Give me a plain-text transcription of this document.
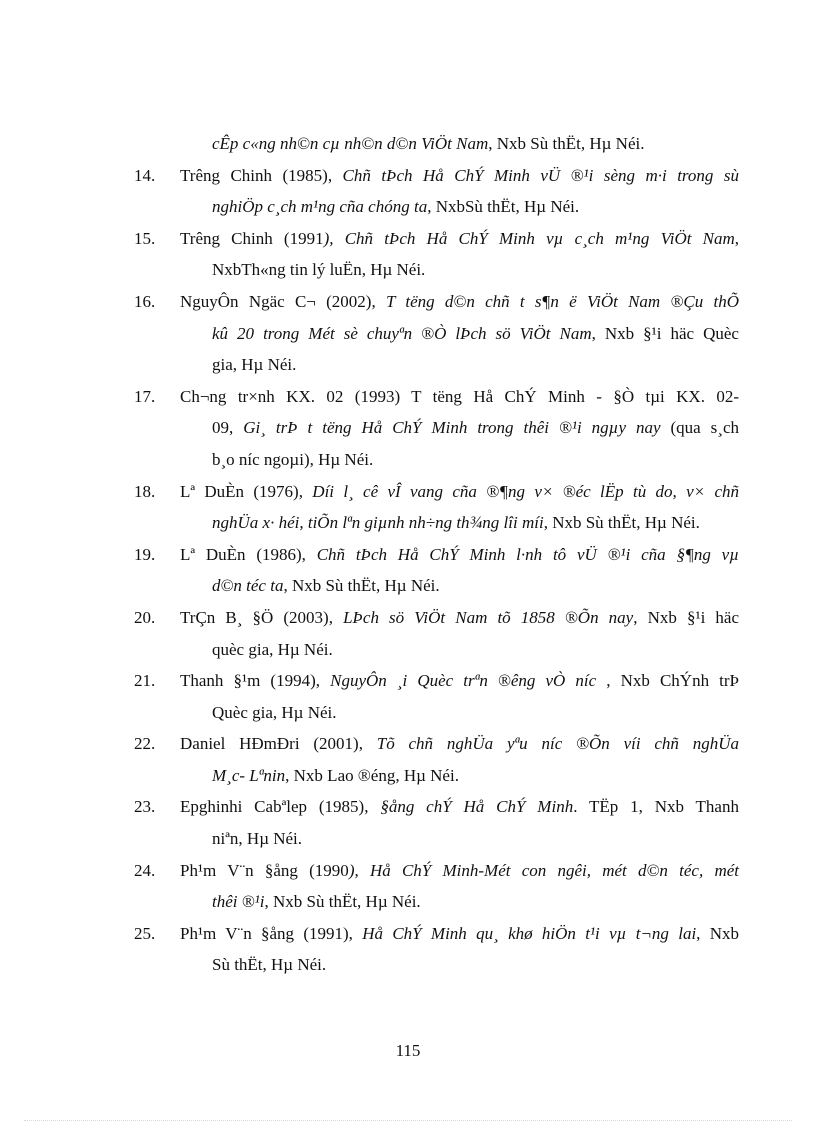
cÊp c«ng nh©n cµ nh©n d©n ViÖt Nam, Nxb Sù thËt, Hµ Néi.
14.	Trêng Chinh (1985), Chñ tÞch Hå ChÝ Minh vÜ ®¹i sèng m·i trong sù
nghiÖp c¸ch m¹ng cña chóng ta, NxbSù thËt, Hµ Néi.
15.	Trêng Chinh (1991), Chñ tÞch Hå ChÝ Minh vµ c¸ch m¹ng ViÖt Nam,
NxbTh«ng tin lý luËn, Hµ Néi.
16.	NguyÔn Ngäc C¬ (2002), T tëng d©n chñ t s¶n ë ViÖt Nam ®Çu thÕ
kû 20 trong Mét sè chuyªn ®Ò lÞch sö ViÖt Nam, Nxb §¹i häc Quèc
gia, Hµ Néi.
17.	Ch¬ng tr×nh KX. 02 (1993) T tëng Hå ChÝ Minh - §Ò tµi KX. 02-
09, Gi¸ trÞ t tëng Hå ChÝ Minh trong thêi ®¹i ngµy nay (qua s¸ch
b¸o níc ngoµi), Hµ Néi.
18.	Lª DuÈn (1976), Díi l¸ cê vÎ vang cña ®¶ng v× ®éc lËp tù do, v× chñ
nghÜa x· héi, tiÕn lªn giµnh nh÷ng th¾ng lîi míi, Nxb Sù thËt, Hµ Néi.
19.	Lª DuÈn (1986), Chñ tÞch Hå ChÝ Minh l·nh tô vÜ ®¹i cña §¶ng vµ
d©n téc ta, Nxb Sù thËt, Hµ Néi.
20.	TrÇn B¸ §Ö (2003), LÞch sö ViÖt Nam tõ 1858 ®Õn nay, Nxb §¹i häc
quèc gia, Hµ Néi.
21.	Thanh §¹m (1994), NguyÔn ¸i Quèc trªn ®êng vÒ níc , Nxb ChÝnh trÞ
Quèc gia, Hµ Néi.
22.	Daniel HÐmÐri (2001), Tõ chñ nghÜa yªu níc ®Õn víi chñ nghÜa
M¸c- Lªnin, Nxb Lao ®éng, Hµ Néi.
23.	Epghinhi Cabªlep (1985), §ång chÝ Hå ChÝ Minh. TËp 1, Nxb Thanh
niªn, Hµ Néi.
24.	Ph¹m V¨n §ång (1990), Hå ChÝ Minh-Mét con ngêi, mét d©n téc, mét
thêi ®¹i, Nxb Sù thËt, Hµ Néi.
25.	Ph¹m V¨n §ång (1991), Hå ChÝ Minh qu¸ khø hiÖn t¹i vµ t¬ng lai, Nxb
Sù thËt, Hµ Néi.
115
